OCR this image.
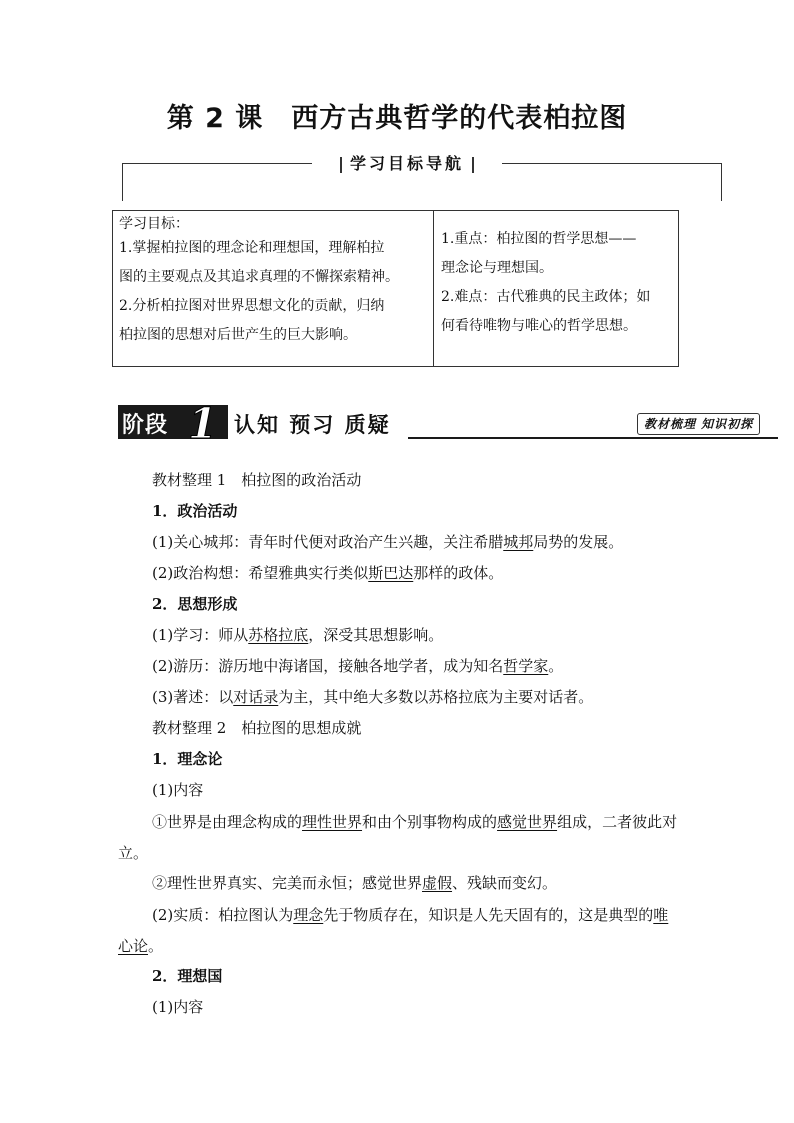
第 2 课　西方古典哲学的代表柏拉图
学习目标导航
学习目标：
1.掌握柏拉图的理念论和理想国，理解柏拉
图的主要观点及其追求真理的不懈探索精神。
2.分析柏拉图对世界思想文化的贡献，归纳
柏拉图的思想对后世产生的巨大影响。
1.重点：柏拉图的哲学思想——
理念论与理想国。
2.难点：古代雅典的民主政体；如
何看待唯物与唯心的哲学思想。
阶段 1 认知 预习 质疑	教材梳理 知识初探
教材整理 1　柏拉图的政治活动
1．政治活动
(1)关心城邦：青年时代便对政治产生兴趣，关注希腊城邦局势的发展。
(2)政治构想：希望雅典实行类似斯巴达那样的政体。
2．思想形成
(1)学习：师从苏格拉底，深受其思想影响。
(2)游历：游历地中海诸国，接触各地学者，成为知名哲学家。
(3)著述：以对话录为主，其中绝大多数以苏格拉底为主要对话者。
教材整理 2　柏拉图的思想成就
1．理念论
(1)内容
①世界是由理念构成的理性世界和由个别事物构成的感觉世界组成，二者彼此对立。
②理性世界真实、完美而永恒；感觉世界虚假、残缺而变幻。
(2)实质：柏拉图认为理念先于物质存在，知识是人先天固有的，这是典型的唯心论。
2．理想国
(1)内容
